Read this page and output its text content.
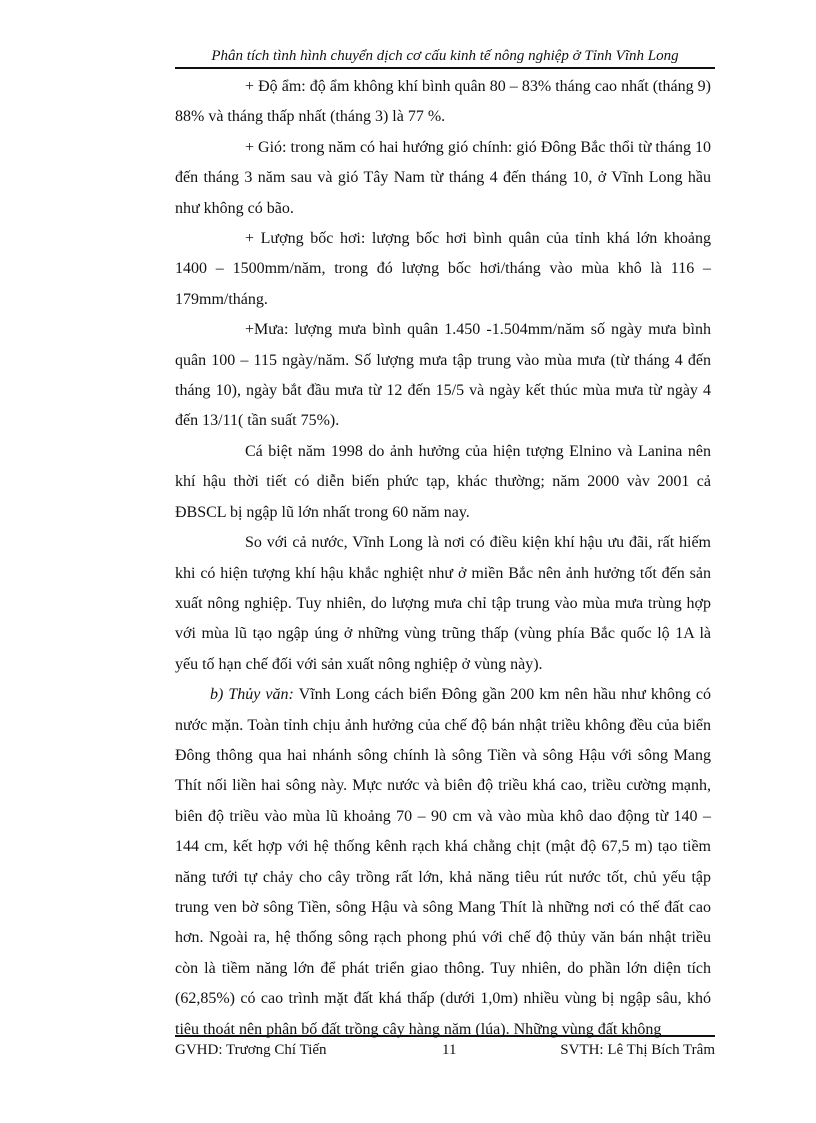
Phân tích tình hình chuyển dịch cơ cấu kinh tế nông nghiệp ở Tỉnh Vĩnh Long

+ Độ ẩm: độ ẩm không khí bình quân 80 – 83% tháng cao nhất (tháng 9) 88% và tháng thấp nhất (tháng 3) là 77 %.

+ Gió: trong năm có hai hướng gió chính: gió Đông Bắc thổi từ tháng 10 đến tháng 3 năm sau và gió Tây Nam từ tháng 4 đến tháng 10, ở Vĩnh Long hầu như không có bão.

+ Lượng bốc hơi: lượng bốc hơi bình quân của tỉnh khá lớn khoảng 1400 – 1500mm/năm, trong đó lượng bốc hơi/tháng vào mùa khô là 116 – 179mm/tháng.

+Mưa: lượng mưa bình quân 1.450 -1.504mm/năm số ngày mưa bình quân 100 – 115 ngày/năm. Số lượng mưa tập trung vào mùa mưa (từ tháng 4 đến tháng 10), ngày bắt đầu mưa từ 12 đến 15/5 và ngày kết thúc mùa mưa từ ngày 4 đến 13/11( tần suất 75%).

Cá biệt năm 1998 do ảnh hưởng của hiện tượng Elnino và Lanina nên khí hậu thời tiết có diễn biến phức tạp, khác thường; năm 2000 vàv 2001 cả ĐBSCL bị ngập lũ lớn nhất trong 60 năm nay.

So với cả nước, Vĩnh Long là nơi có điều kiện khí hậu ưu đãi, rất hiếm khi có hiện tượng khí hậu khắc nghiệt như ở miền Bắc nên ảnh hưởng tốt đến sản xuất nông nghiệp. Tuy nhiên, do lượng mưa chỉ tập trung vào mùa mưa trùng hợp với mùa lũ tạo ngập úng ở những vùng trũng thấp (vùng phía Bắc quốc lộ 1A là yếu tố hạn chế đối với sản xuất nông nghiệp ở vùng này).

b) Thủy văn: Vĩnh Long cách biển Đông gần 200 km nên hầu như không có nước mặn. Toàn tỉnh chịu ảnh hưởng của chế độ bán nhật triều không đều của biển Đông thông qua hai nhánh sông chính là sông Tiền và sông Hậu với sông Mang Thít nối liền hai sông này. Mực nước và biên độ triều khá cao, triều cường mạnh, biên độ triều vào mùa lũ khoảng 70 – 90 cm và vào mùa khô dao động từ 140 – 144 cm, kết hợp với hệ thống kênh rạch khá chằng chịt (mật độ 67,5 m) tạo tiềm năng tưới tự chảy cho cây trồng rất lớn, khả năng tiêu rút nước tốt, chủ yếu tập trung ven bờ sông Tiền, sông Hậu và sông Mang Thít là những nơi có thế đất cao hơn. Ngoài ra, hệ thống sông rạch phong phú với chế độ thủy văn bán nhật triều còn là tiềm năng lớn để phát triển giao thông. Tuy nhiên, do phần lớn diện tích (62,85%) có cao trình mặt đất khá thấp (dưới 1,0m) nhiều vùng bị ngập sâu, khó tiêu thoát nên phân bố đất trồng cây hàng năm (lúa). Những vùng đất không

GVHD: Trương Chí Tiến	11	SVTH: Lê Thị Bích Trâm
